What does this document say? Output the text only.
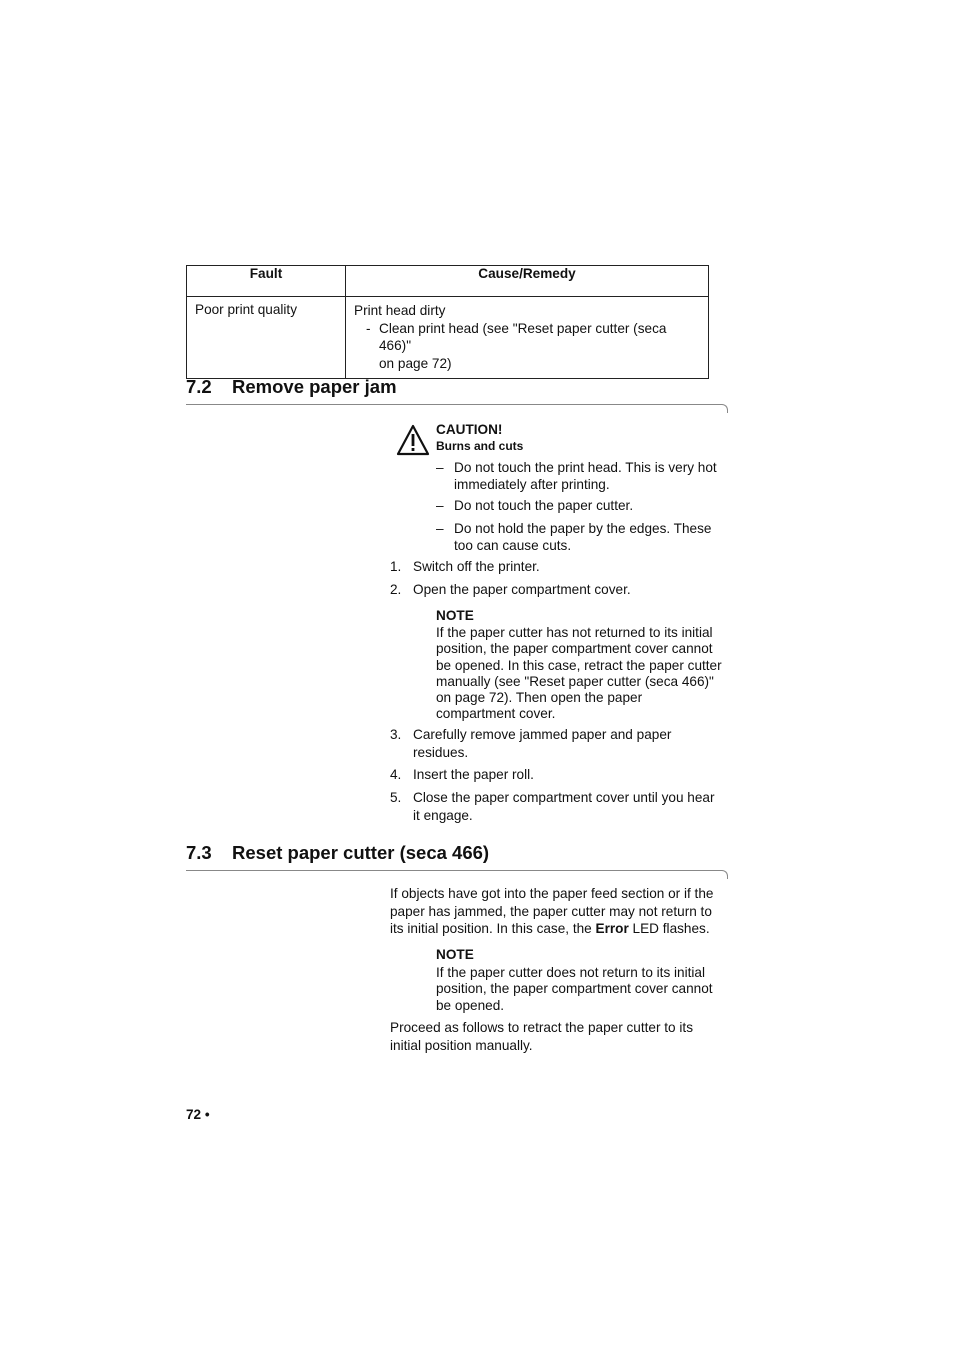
Fault	Cause/Remedy
Poor print quality	Print head dirty
- Clean print head (see "Reset paper cutter (seca 466)"
on page 72)
7.2 Remove paper jam
CAUTION!
Burns and cuts
– Do not touch the print head. This is very hot
immediately after printing.
– Do not touch the paper cutter.
– Do not hold the paper by the edges. These
too can cause cuts.
1. Switch off the printer.
2. Open the paper compartment cover.
NOTE
If the paper cutter has not returned to its initial
position, the paper compartment cover cannot
be opened. In this case, retract the paper cutter
manually (see "Reset paper cutter (seca 466)"
on page 72). Then open the paper
compartment cover.
3. Carefully remove jammed paper and paper
residues.
4. Insert the paper roll.
5. Close the paper compartment cover until you hear
it engage.
7.3 Reset paper cutter (seca 466)
If objects have got into the paper feed section or if the
paper has jammed, the paper cutter may not return to
its initial position. In this case, the Error LED flashes.
NOTE
If the paper cutter does not return to its initial
position, the paper compartment cover cannot
be opened.
Proceed as follows to retract the paper cutter to its
initial position manually.
72 •
